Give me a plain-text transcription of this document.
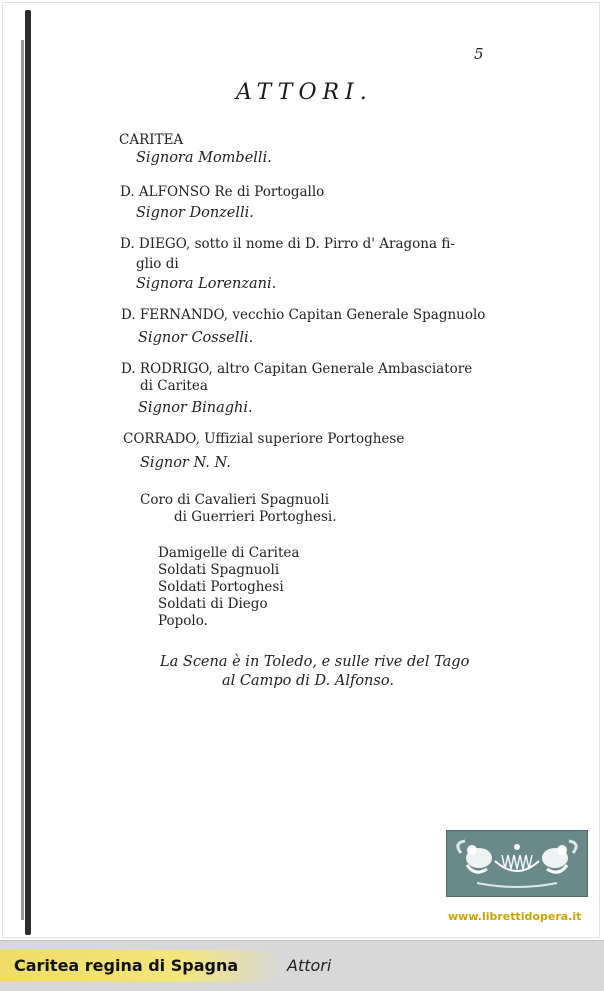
5
ATTORI.
CARITEA
Signora Mombelli.
D. ALFONSO Re di Portogallo
Signor Donzelli.
D. DIEGO, sotto il nome di D. Pirro d' Aragona fi-
glio di
Signora Lorenzani.
D. FERNANDO, vecchio Capitan Generale Spagnuolo
Signor Cosselli.
D. RODRIGO, altro Capitan Generale Ambasciatore
di Caritea
Signor Binaghi.
CORRADO, Uffizial superiore Portoghese
Signor N. N.
Coro di Cavalieri Spagnuoli
di Guerrieri Portoghesi.
Damigelle di Caritea
Soldati Spagnuoli
Soldati Portoghesi
Soldati di Diego
Popolo.
La Scena è in Toledo, e sulle rive del Tago
al Campo di D. Alfonso.
www.librettidopera.it
Caritea regina di Spagna	Attori
